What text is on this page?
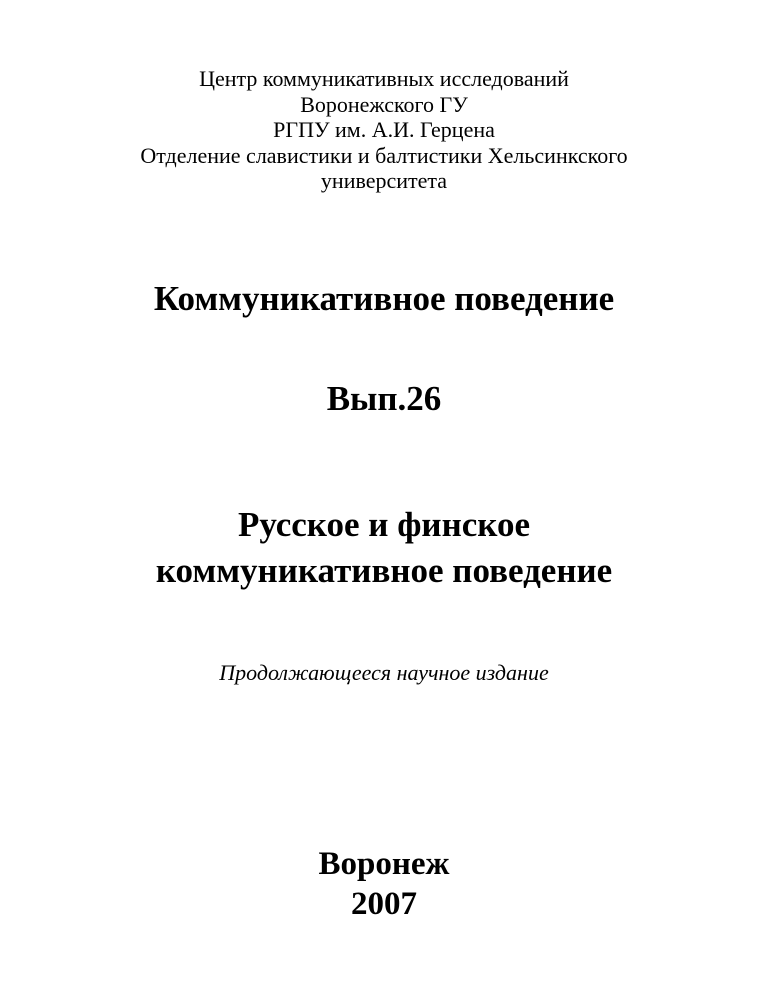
Центр коммуникативных исследований
Воронежского ГУ
РГПУ им. А.И. Герцена
Отделение славистики и балтистики Хельсинкского
университета
Коммуникативное поведение
Вып.26
Русское и финское
коммуникативное поведение
Продолжающееся научное издание
Воронеж
2007
